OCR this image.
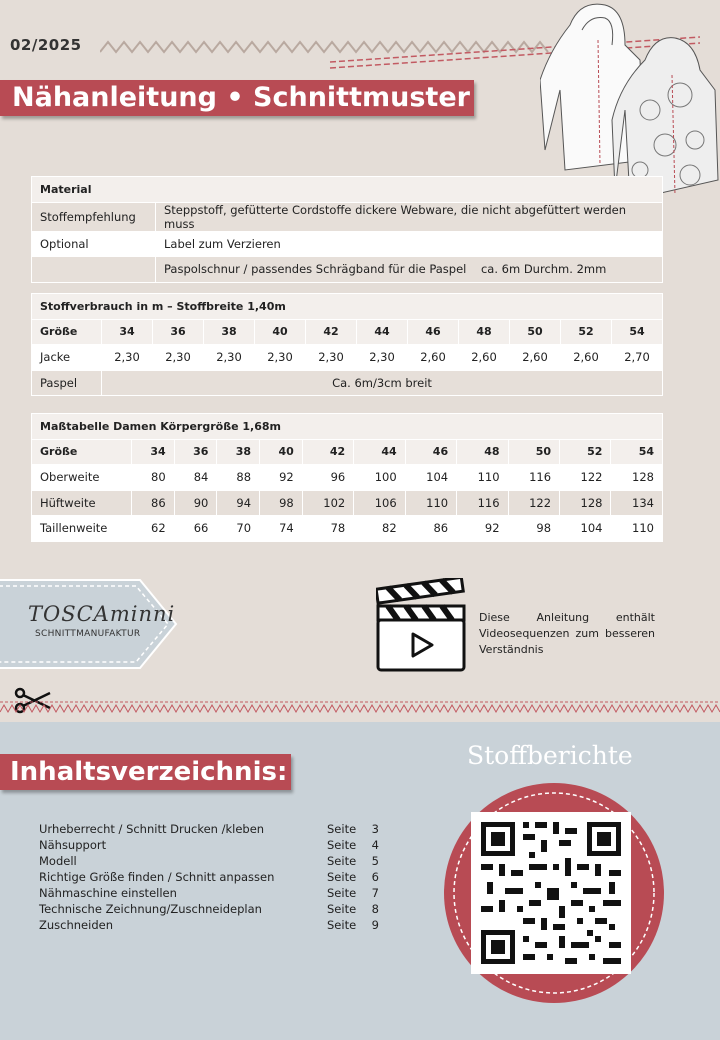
02/2025
Nähanleitung • Schnittmuster
Material	
Stoffempfehlung	Steppstoff, gefütterte Cordstoffe dickere Webware, die nicht abgefüttert werden muss
Optional	Label zum Verzieren
	Paspolschnur / passendes Schrägband für die Paspel    ca. 6m Durchm. 2mm
Stoffverbrauch in m – Stoffbreite 1,40m											
Größe	34	36	38	40	42	44	46	48	50	52	54
Jacke	2,30	2,30	2,30	2,30	2,30	2,30	2,60	2,60	2,60	2,60	2,70
Paspel	Ca. 6m/3cm breit										
Maßtabelle Damen Körpergröße 1,68m											
Größe	34	36	38	40	42	44	46	48	50	52	54
Oberweite	80	84	88	92	96	100	104	110	116	122	128
Hüftweite	86	90	94	98	102	106	110	116	122	128	134
Taillenweite	62	66	70	74	78	82	86	92	98	104	110
TOSCAminni
SCHNITTMANUFAKTUR
Diese Anleitung enthält Videosequenzen zum besseren Verständnis
Inhaltsverzeichnis:
Urheberrecht / Schnitt Drucken /kleben	Seite	3
Nähsupport	Seite	4
Modell	Seite	5
Richtige Größe finden / Schnitt anpassen	Seite	6
Nähmaschine einstellen	Seite	7
Technische Zeichnung/Zuschneideplan	Seite	8
Zuschneiden	Seite	9
Stoffberichte
